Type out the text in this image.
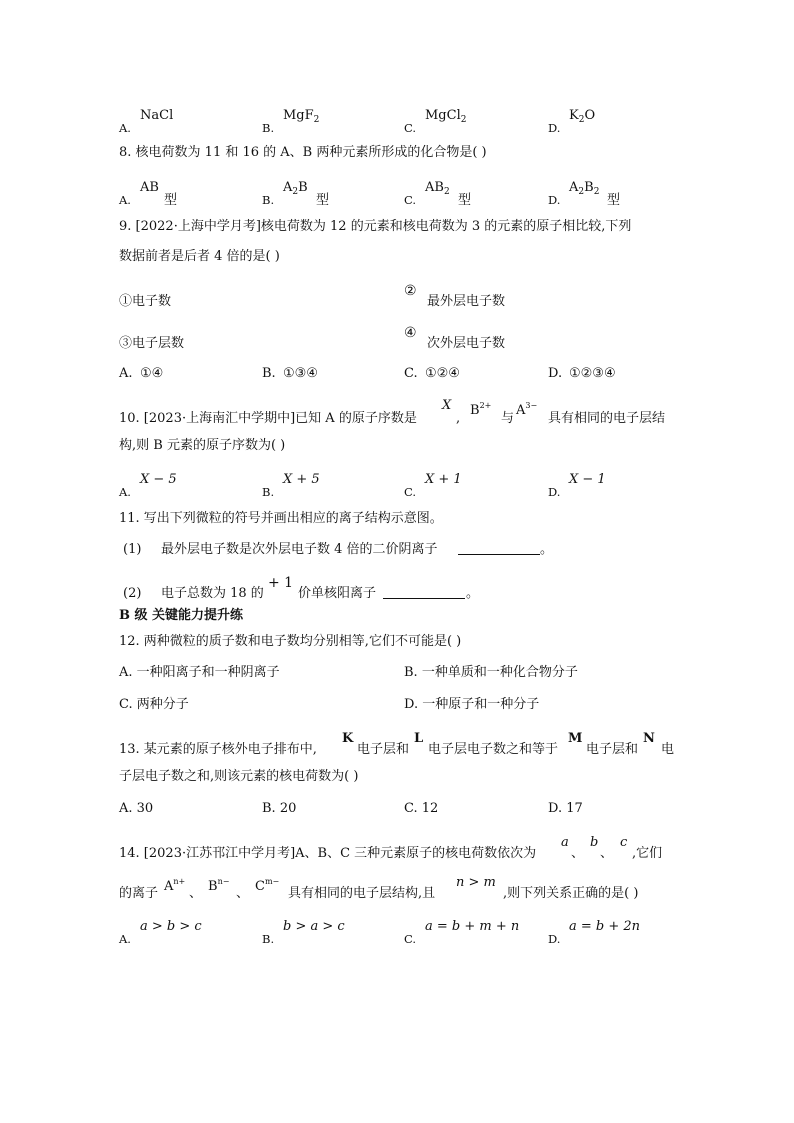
A.
NaCl
B.
MgF$_2$
C.
MgCl$_2$
D.
$K_2O$
8. 核电荷数为 11 和 16 的 A、B 两种元素所形成的化合物是( )
A.
AB
型	B.
$A_2B$
型	C.
$AB_2$
型	D.
$A_2B_2$
型
9. [2022·上海中学月考]核电荷数为 12 的元素和核电荷数为 3 的元素的原子相比较,下列
数据前者是后者 4 倍的是( )
①电子数
②
最外层电子数
③电子层数
④
次外层电子数
A. ①④	B. ①③④	C. ①②④	D. ①②③④
10. [2023·上海南汇中学期中]已知 A 的原子序数是
X
,
$B^{2+}$
与
$A^{3-}$
具有相同的电子层结
构,则 B 元素的原子序数为( )
A.
X − 5
B.
X + 5
C.
X + 1
D.
X − 1
11. 写出下列微粒的符号并画出相应的离子结构示意图。
(1) 最外层电子数是次外层电子数 4 倍的二价阴离子	。
(2) 电子总数为 18 的
+ 1
价单核阳离子	。
B 级 关键能力提升练
12. 两种微粒的质子数和电子数均分别相等,它们不可能是( )
A. 一种阳离子和一种阴离子	B. 一种单质和一种化合物分子
C. 两种分子	D. 一种原子和一种分子
13. 某元素的原子核外电子排布中,
K
电子层和
L
电子层电子数之和等于
M
电子层和
N
电
子层电子数之和,则该元素的核电荷数为( )
A. 30	B. 20	C. 12	D. 17
14. [2023·江苏邗江中学月考]A、B、C 三种元素原子的核电荷数依次为
a
、
b
、
c
,它们
的离子 $A^{n+}$
、 $B^{n-}$
、 $C^{m-}$
具有相同的电子层结构,且
n > m
,则下列关系正确的是( )
A.
a > b > c
B.
b > a > c
C.
a = b + m + n
D.
a = b + 2n
